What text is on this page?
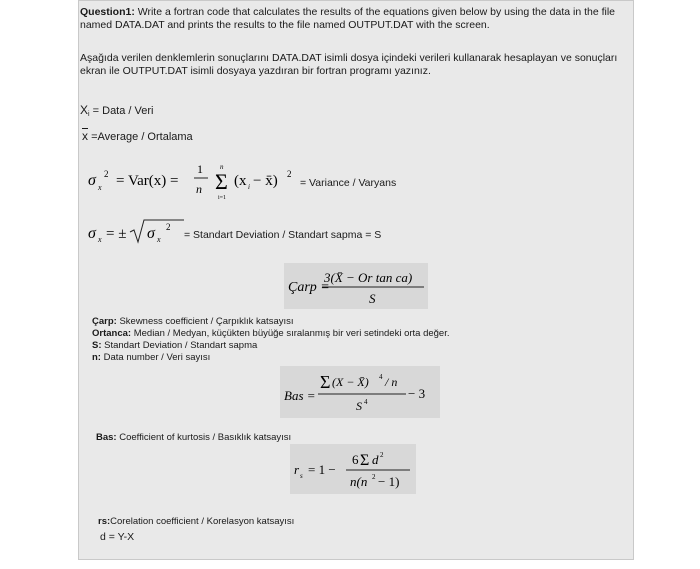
Question1: Write a fortran code that calculates the results of the equations given below by using the data in the file named DATA.DAT and prints the results to the file named OUTPUT.DAT with the screen.
Aşağıda verilen denklemlerin sonuçlarını DATA.DAT isimli dosya içindeki verileri kullanarak hesaplayan ve sonuçları ekran ile OUTPUT.DAT isimli dosyaya yazdıran bir fortran programı yazınız.
Xi = Data / Veri
$\overline{x}$ =Average / Ortalama
σ x
2 = Var(x) =
1
n Σ
n
i=1
(x i − x̄) 2
= Variance / Varyans
σ x = ± σ x
2
= Standart Deviation / Standart sapma = S
Çarp =
3(X̄ − Or tan ca)
S
Çarp: Skewness coefficient / Çarpıklık katsayısı
Ortanca: Median / Medyan, küçükten büyüğe sıralanmış bir veri setindeki orta değer.
S: Standart Deviation / Standart sapma
n: Data number / Veri sayısı
Bas =
Σ (X − X̄) 4 / n
S 4
− 3
Bas: Coefficient of kurtosis / Basıklık katsayısı
r s = 1 −
6 Σ d 2
n(n 2 − 1)
rs:Corelation coefficient / Korelasyon katsayısı
d = Y-X
